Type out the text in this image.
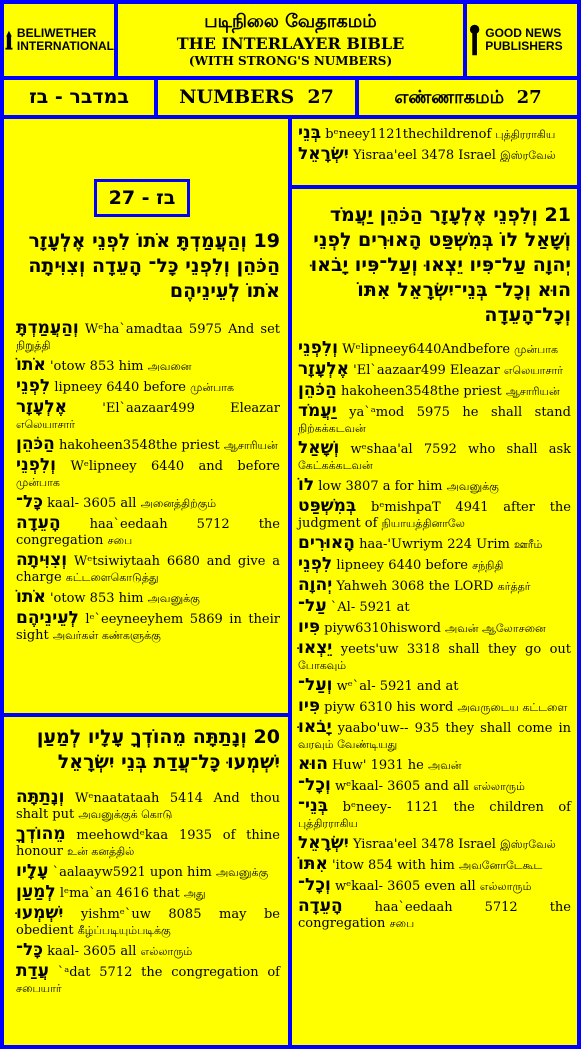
BELIWETHER INTERNATIONAL
படிநிலை வேதாகமம்
THE INTERLAYER BIBLE
(WITH STRONG'S NUMBERS)
GOOD NEWS PUBLISHERS
במדבר - בז	NUMBERS 27	எண்ணாகமம் 27
27 - בז
19 וְהַעֲמַדְתָּ אֹתוֹ לִפְנֵי אֶלְעָזָר הַכֹּהֵן וְלִפְנֵי כָּל־ הָעֵדָה וְצִוִּיתָה אֹתוֹ לְעֵינֵיהֶם
וְהַעֲמַדְתָּ Wᵉha`amadtaa 5975 And set நிறுத்தி
אֹתוֹ 'otow 853 him அவனை
לִפְנֵי lipneey 6440 before முன்பாக
אֶלְעָזָר	'El`aazaar499 Eleazar எலெயாசார்
הַכֹּהֵן hakoheen3548the priest ஆசாரியன்
וְלִפְנֵי Wᵉlipneey 6440 and before முன்பாக
כָּל־ kaal- 3605 all அனைத்திற்கும்
הָעֵדָה haa`eedaah 5712 the congregation சபை
וְצִוִּיתָה Wᵉtsiwiytaah 6680 and give a charge கட்டளைகொடுத்து
אֹתוֹ 'otow 853 him அவனுக்கு
לְעֵינֵיהֶם lᵉ`eeyneeyhem 5869 in their sight அவர்கள் கண்களுக்கு
20 וְנָתַתָּה מֵהוֹדְךָ עָלָיו לְמַעַן יִשְׁמְעוּ כָּל־עֲדַת בְּנֵי יִשְׂרָאֵל
וְנָתַתָּה Wᵉnaatataah 5414 And thou shalt put அவனுக்குக் கொடு
מֵהוֹדְךָ meehowdᵉkaa 1935 of thine honour உன் கனத்தில்
עָלָיו `aalaayw5921 upon him அவனுக்கு
לְמַעַן lᵉma`an 4616 that அது
יִשְׁמְעוּ yishmᵉ`uw 8085 may be obedient கீழ்ப்படியும்படிக்கு
כָּל־ kaal- 3605 all எல்லாரும்
עֲדַת `ᵃdat 5712 the congregation of சபையார்
בְּנֵי bᵉneey1121thechildrenof புத்திரராகிய
יִשְׂרָאֵל Yisraa'eel 3478 Israel இஸ்ரவேல்
21 וְלִפְנֵי אֶלְעָזָר הַכֹּהֵן יַעֲמֹד וְשָׁאַל לוֹ בְּמִשְׁפַּט הָאוּרִים לִפְנֵי יְהוָה עַל־פִּיו יֵצְאוּ וְעַל־פִּיו יָבֹאוּ הוּא וְכָל־ בְּנֵי־יִשְׂרָאֵל אִתּוֹ וְכָל־הָעֵדָה
וְלִפְנֵי Wᵉlipneey6440Andbefore முன்பாக
אֶלְעָזָר 'El`aazaar499 Eleazar எலெயாசார்
הַכֹּהֵן hakoheen3548the priest ஆசாரியன்
יַעֲמֹד ya`ᵃmod 5975 he shall stand நிற்கக்கடவன்
וְשָׁאַל wᵉshaa'al 7592 who shall ask கேட்கக்கடவன்
לוֹ low 3807 a for him அவனுக்கு
בְּמִשְׁפַּט bᵉmishpaT 4941 after the judgment of நியாயத்தினாலே
הָאוּרִים haa-'Uwriym 224 Urim ஊரீம்
לִפְנֵי lipneey 6440 before சந்நிதி
יְהוָה Yahweh 3068 the LORD கர்த்தர்
עַל־ `Al- 5921 at
פִּיו piyw6310hisword அவன் ஆலோசனை
יֵצְאוּ yeets'uw 3318 shall they go out போகவும்
וְעַל־ wᵉ`al- 5921 and at
פִּיו piyw 6310 his word அவருடைய கட்டளை
יָבֹאוּ yaabo'uw-- 935 they shall come in வரவும் வேண்டியது
הוּא Huw' 1931 he அவன்
וְכָל־ wᵉkaal- 3605 and all எல்லாரும்
בְּנֵי־ bᵉneey- 1121 the children of புத்திரராகிய
יִשְׂרָאֵל Yisraa'eel 3478 Israel இஸ்ரவேல்
אִתּוֹ 'itow 854 with him அவனோடேகூட
וְכָל־ wᵉkaal- 3605 even all எல்லாரும்
הָעֵדָה haa`eedaah 5712 the congregation சபை
